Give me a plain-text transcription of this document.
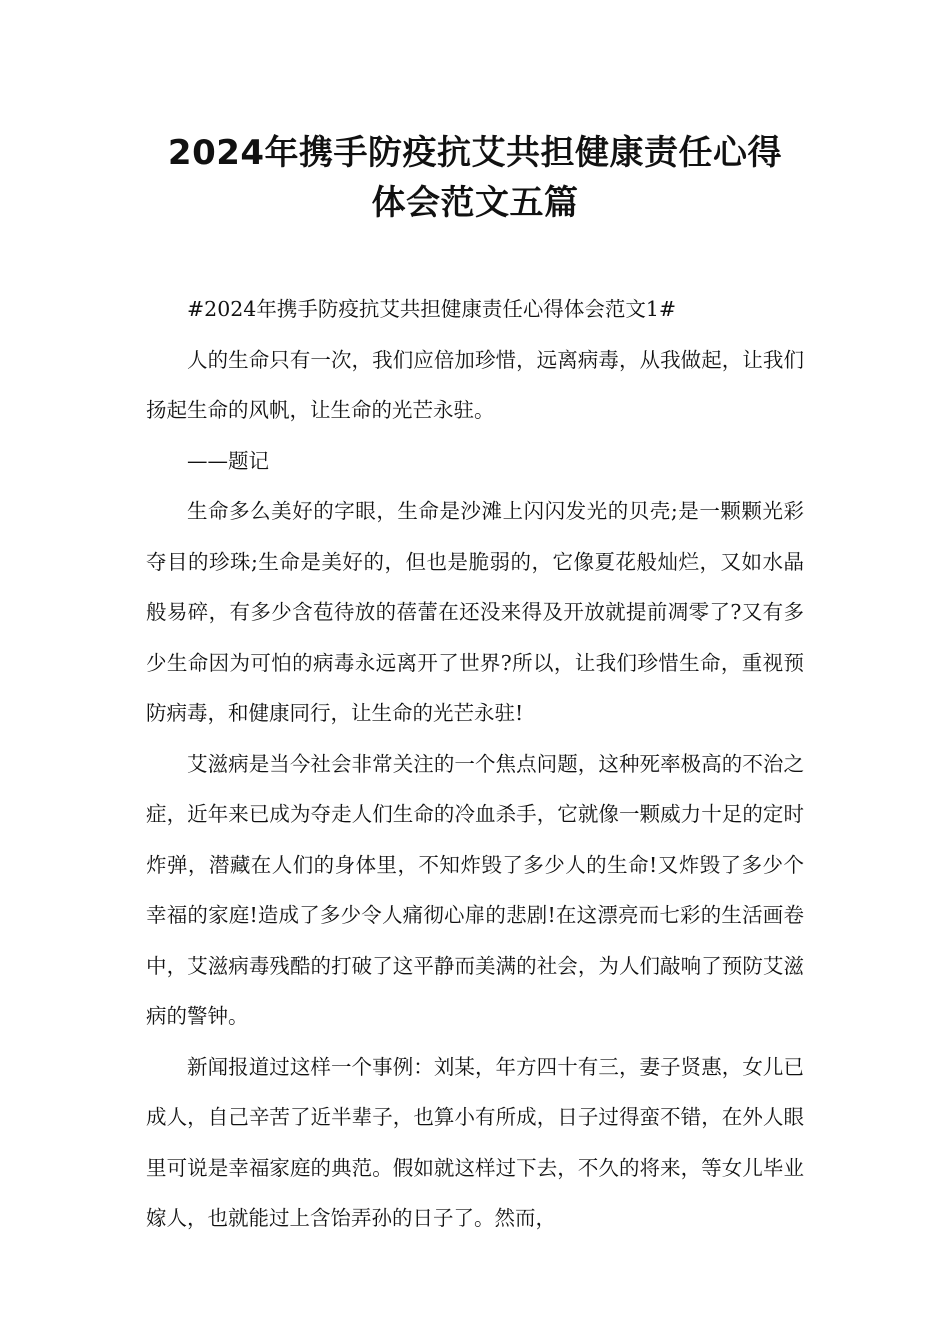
2024年携手防疫抗艾共担健康责任心得
体会范文五篇

#2024年携手防疫抗艾共担健康责任心得体会范文1#

人的生命只有一次，我们应倍加珍惜，远离病毒，从我做起，让我们扬起生命的风帆，让生命的光芒永驻。

——题记

生命多么美好的字眼，生命是沙滩上闪闪发光的贝壳;是一颗颗光彩夺目的珍珠;生命是美好的，但也是脆弱的，它像夏花般灿烂，又如水晶般易碎，有多少含苞待放的蓓蕾在还没来得及开放就提前凋零了?又有多少生命因为可怕的病毒永远离开了世界?所以，让我们珍惜生命，重视预防病毒，和健康同行，让生命的光芒永驻!

艾滋病是当今社会非常关注的一个焦点问题，这种死率极高的不治之症，近年来已成为夺走人们生命的冷血杀手，它就像一颗威力十足的定时炸弹，潜藏在人们的身体里，不知炸毁了多少人的生命!又炸毁了多少个幸福的家庭!造成了多少令人痛彻心扉的悲剧!在这漂亮而七彩的生活画卷中，艾滋病毒残酷的打破了这平静而美满的社会，为人们敲响了预防艾滋病的警钟。

新闻报道过这样一个事例：刘某，年方四十有三，妻子贤惠，女儿已成人，自己辛苦了近半辈子，也算小有所成，日子过得蛮不错，在外人眼里可说是幸福家庭的典范。假如就这样过下去，不久的将来，等女儿毕业嫁人，也就能过上含饴弄孙的日子了。然而，
